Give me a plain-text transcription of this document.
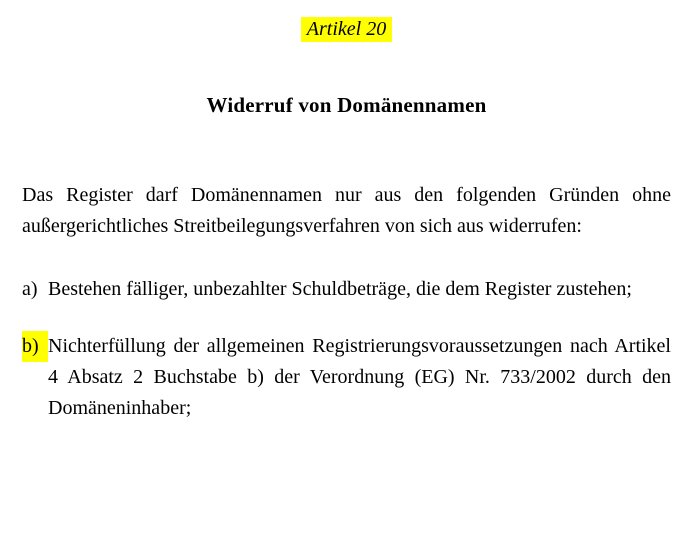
Artikel 20
Widerruf von Domänennamen
Das Register darf Domänennamen nur aus den folgenden Gründen ohne außergerichtliches Streitbeilegungsverfahren von sich aus widerrufen:
a) Bestehen fälliger, unbezahlter Schuldbeträge, die dem Register zustehen;
b) Nichterfüllung der allgemeinen Registrierungsvoraussetzungen nach Artikel 4 Absatz 2 Buchstabe b) der Verordnung (EG) Nr. 733/2002 durch den Domäneninhaber;
